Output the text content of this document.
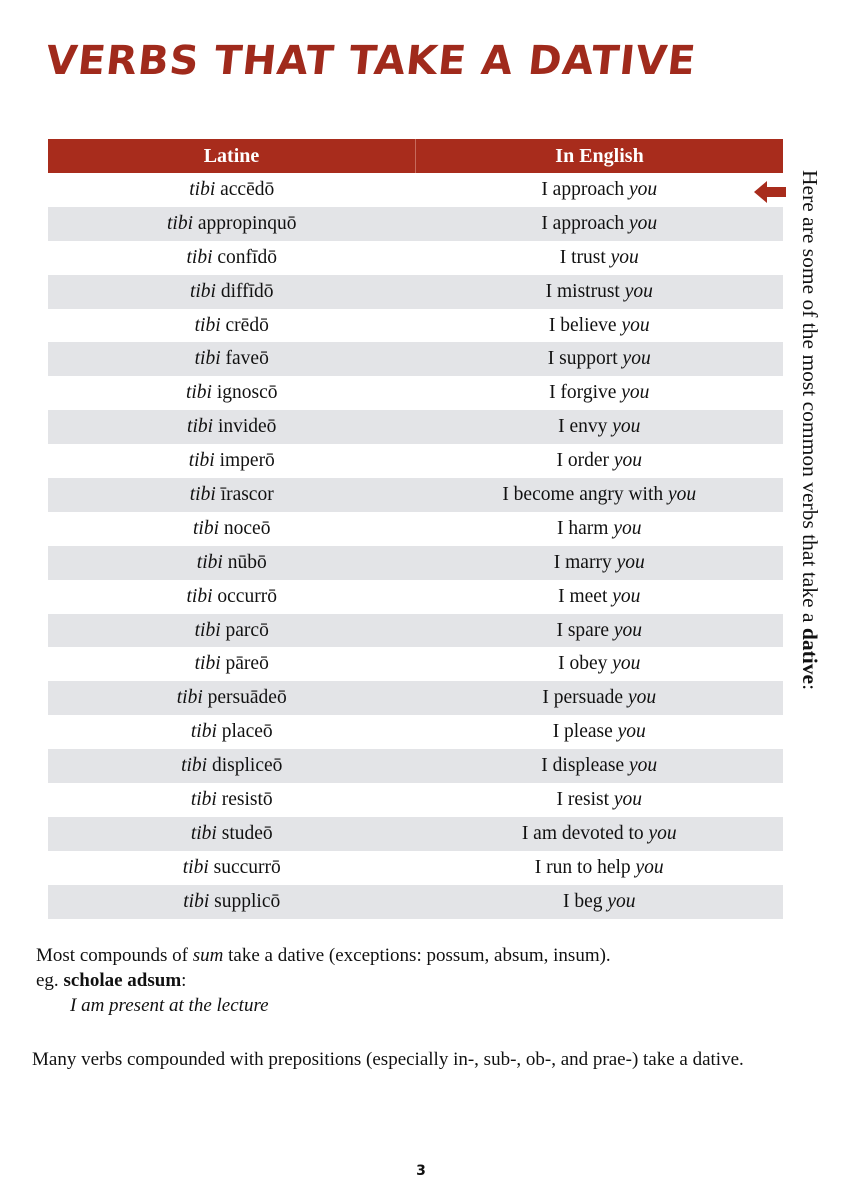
VERBS THAT TAKE A DATIVE
Latine	In English
tibi accēdō	I approach you
tibi appropinquō	I approach you
tibi confīdō	I trust you
tibi diffīdō	I mistrust you
tibi crēdō	I believe you
tibi faveō	I support you
tibi ignoscō	I forgive you
tibi invideō	I envy you
tibi imperō	I order you
tibi īrascor	I become angry with you
tibi noceō	I harm you
tibi nūbō	I marry you
tibi occurrō	I meet you
tibi parcō	I spare you
tibi pāreō	I obey you
tibi persuādeō	I persuade you
tibi placeō	I please you
tibi displiceō	I displease you
tibi resistō	I resist you
tibi studeō	I am devoted to you
tibi succurrō	I run to help you
tibi supplicō	I beg you
Here are some of the most common verbs that take a dative:
Most compounds of sum take a dative (exceptions: possum, absum, insum).
eg. scholae adsum:
I am present at the lecture
Many verbs compounded with prepositions (especially in-, sub-, ob-, and prae-) take a dative.
3
